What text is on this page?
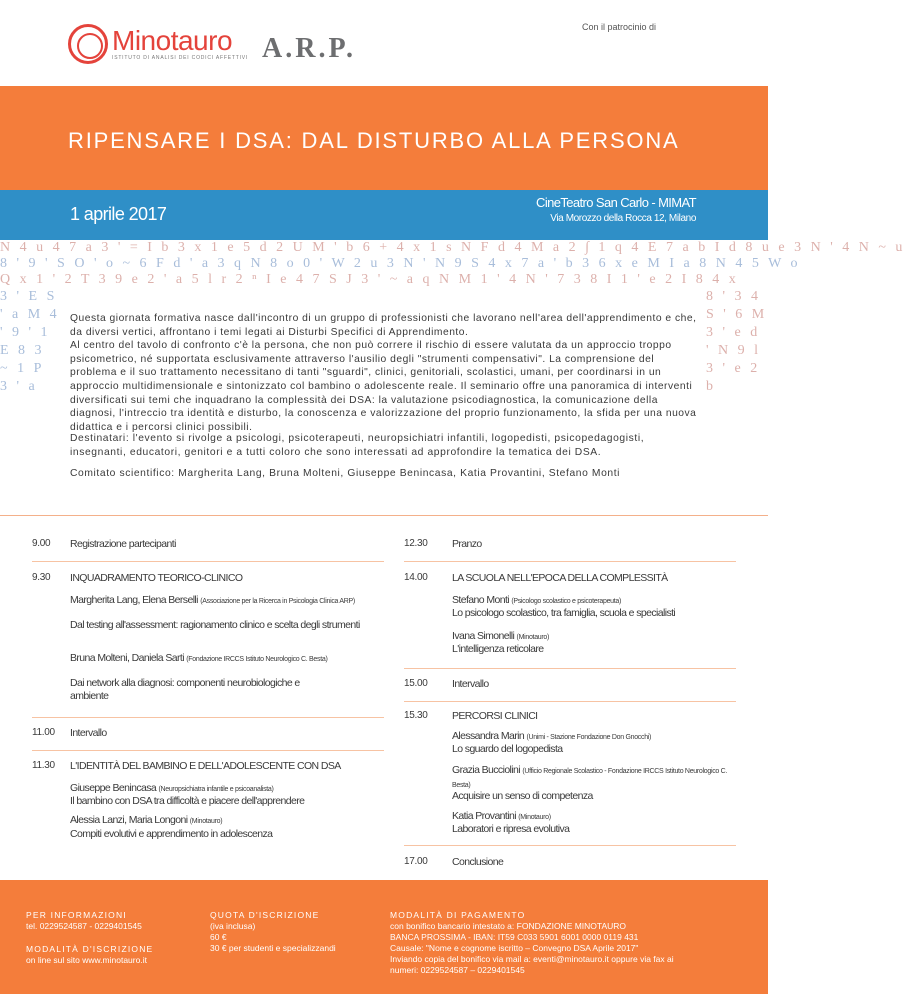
Con il patrocinio di
Minotauro
ISTITUTO DI ANALISI DEI CODICI AFFETTIVI A.R.P.
RIPENSARE I DSA: DAL DISTURBO ALLA PERSONA
1 aprile 2017
CineTeatro San Carlo - MIMAT
Via Morozzo della Rocca 12, Milano
N 4 u 4 7 a 3 ' = I b 3 x 1 e 5 d 2 U M ' b 6 + 4 x 1 s N F d 4 M a 2 ∫ 1 q 4 E 7 a b I d 8 u e 3 N ' 4 N ~ u
8 ' 9 ' S O ' o ~ 6 F d ' a 3 q N 8 o 0 ' W 2 u 3 N ' N 9 S 4 x 7 a ' b 3 6 x e M I a 8 N 4 5 W o
Q x 1 ' 2 T 3 9 e 2 ' a 5 l r 2 ⁿ I e 4 7 S J 3 ' ~ a q N M 1 ' 4 N ' 7 3 8 I 1 ' e 2 I 8 4 x
3 ' E S ' a M 4 ' 9 ' 1 E 8 3 ~ 1 P 3 ' a
8 ' 3 4 S ' 6 M 3 ' e d ' N 9 l 3 ' e 2 b

Questa giornata formativa nasce dall'incontro di un gruppo di professionisti che lavorano nell'area dell'apprendimento e che, da diversi vertici, affrontano i temi legati ai Disturbi Specifici di Apprendimento.

Al centro del tavolo di confronto c'è la persona, che non può correre il rischio di essere valutata da un approccio troppo psicometrico, né supportata esclusivamente attraverso l'ausilio degli "strumenti compensativi". La comprensione del problema e il suo trattamento necessitano di tanti "sguardi", clinici, genitoriali, scolastici, umani, per coordinarsi in un approccio multidimensionale e sintonizzato col bambino o adolescente reale. Il seminario offre una panoramica di interventi diversificati sui temi che inquadrano la complessità dei DSA: la valutazione psicodiagnostica, la comunicazione della diagnosi, l'intreccio tra identità e disturbo, la conoscenza e valorizzazione del proprio funzionamento, la sfida per una nuova didattica e i percorsi clinici possibili.

Destinatari: l'evento si rivolge a psicologi, psicoterapeuti, neuropsichiatri infantili, logopedisti, psicopedagogisti, insegnanti, educatori, genitori e a tutti coloro che sono interessati ad approfondire la tematica dei DSA.
Comitato scientifico: Margherita Lang, Bruna Molteni, Giuseppe Benincasa, Katia Provantini, Stefano Monti
9.00 Registrazione partecipanti
9.30 INQUADRAMENTO TEORICO-CLINICO
Margherita Lang, Elena Berselli (Associazione per la Ricerca in Psicologia Clinica ARP)
Dal testing all'assessment: ragionamento clinico e scelta degli strumenti
Bruna Molteni, Daniela Sarti (Fondazione IRCCS Istituto Neurologico C. Besta)
Dai network alla diagnosi: componenti neurobiologiche e ambiente
11.00 Intervallo
11.30 L'IDENTITÀ DEL BAMBINO E DELL'ADOLESCENTE CON DSA
Giuseppe Benincasa (Neuropsichiatra infantile e psicoanalista)
Il bambino con DSA tra difficoltà e piacere dell'apprendere
Alessia Lanzi, Maria Longoni (Minotauro)
Compiti evolutivi e apprendimento in adolescenza
12.30 Pranzo
14.00 LA SCUOLA NELL'EPOCA DELLA COMPLESSITÀ
Stefano Monti (Psicologo scolastico e psicoterapeuta)
Lo psicologo scolastico, tra famiglia, scuola e specialisti
Ivana Simonelli (Minotauro)
L'intelligenza reticolare
15.00 Intervallo
15.30 PERCORSI CLINICI
Alessandra Marin (Unimi - Stazione Fondazione Don Gnocchi)
Lo sguardo del logopedista
Grazia Bucciolini (Ufficio Regionale Scolastico - Fondazione IRCCS Istituto Neurologico C. Besta)
Acquisire un senso di competenza
Katia Provantini (Minotauro)
Laboratori e ripresa evolutiva
17.00 Conclusione
PER INFORMAZIONI
tel. 0229524587 - 0229401545
MODALITÀ D'ISCRIZIONE
on line sul sito www.minotauro.it
QUOTA D'ISCRIZIONE
(iva inclusa)
60 €
30 € per studenti e specializzandi
MODALITÀ DI PAGAMENTO
con bonifico bancario intestato a: FONDAZIONE MINOTAURO
BANCA PROSSIMA - IBAN: IT59 C033 5901 6001 0000 0119 431
Causale: "Nome e cognome iscritto – Convegno DSA Aprile 2017"
Inviando copia del bonifico via mail a: eventi@minotauro.it oppure via fax ai
numeri: 0229524587 – 0229401545
